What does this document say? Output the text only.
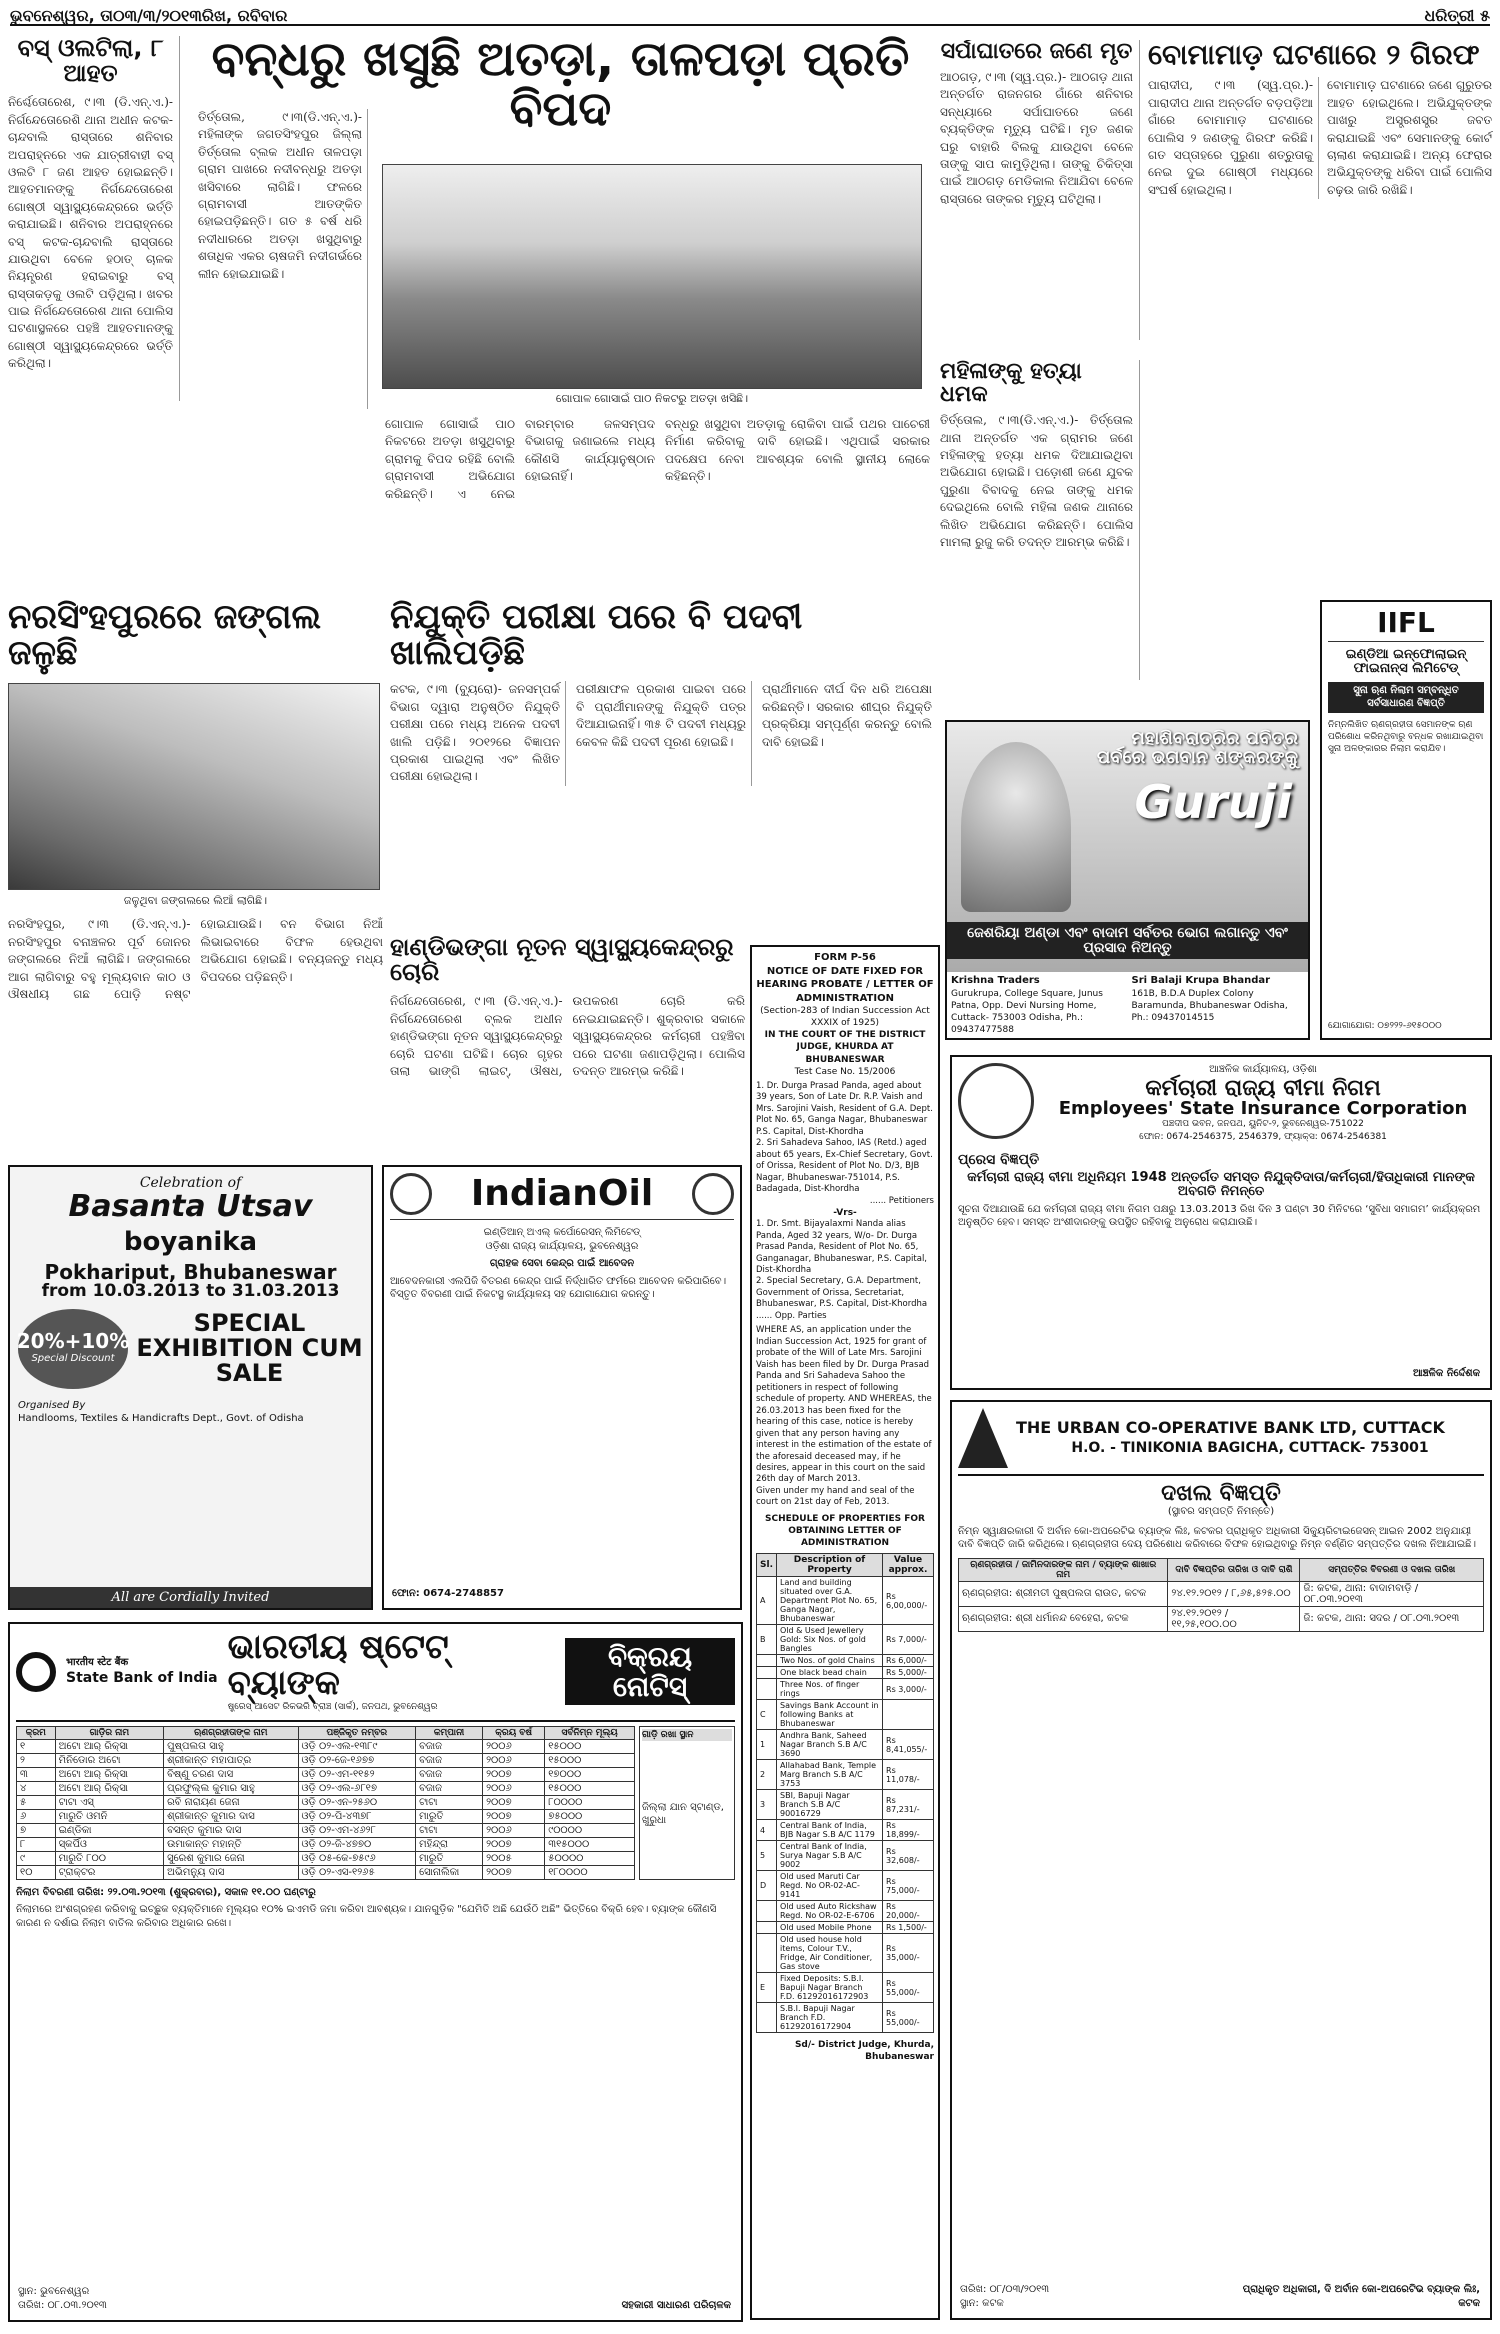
ଭୁବନେଶ୍ୱର, ତା୦୩/୩/୨୦୧୩ରିଖ, ରବିବାର	ଧରିତ୍ରୀ ୫
ବସ୍ ଓଲଟିଲା, ୮ ଆହତ
ନିର୍ଶ୍ଚେତୋରେଶ, ୯।୩ (ଡି.ଏନ୍.ଏ.)- ନିର୍ଗନ୍ଦେତୋରେଶି ଥାନା ଅଧୀନ କଟକ-ଚାନ୍ଦବାଲି ରାସ୍ତାରେ ଶନିବାର ଅପରାହ୍ନରେ ଏକ ଯାତ୍ରୀବାହୀ ବସ୍ ଓଲଟି ୮ ଜଣ ଆହତ ହୋଇଛନ୍ତି। ଆହତମାନଙ୍କୁ ନିର୍ଗନ୍ଦେତୋରେଶ ଗୋଷ୍ଠୀ ସ୍ୱାସ୍ଥ୍ୟକେନ୍ଦ୍ରରେ ଭର୍ତ୍ତି କରାଯାଇଛି। ଶନିବାର ଅପରାହ୍ନରେ ବସ୍ କଟକ-ଚାନ୍ଦବାଲି ରାସ୍ତାରେ ଯାଉଥିବା ବେଳେ ହଠାତ୍ ଚାଳକ ନିୟନ୍ତ୍ରଣ ହରାଇବାରୁ ବସ୍ ରାସ୍ତାକଡ଼କୁ ଓଲଟି ପଡ଼ିଥିଲା। ଖବର ପାଇ ନିର୍ଗନ୍ଦେତୋରେଶ ଥାନା ପୋଲିସ ଘଟଣାସ୍ଥଳରେ ପହଞ୍ଚି ଆହତମାନଙ୍କୁ ଗୋଷ୍ଠୀ ସ୍ୱାସ୍ଥ୍ୟକେନ୍ଦ୍ରରେ ଭର୍ତ୍ତି କରିଥିଲା।
ବନ୍ଧରୁ ଖସୁଛି ଅତଡ଼ା, ତାଳପଡ଼ା ପ୍ରତି ବିପଦ
ତିର୍ତ୍ତୋଲ, ୯।୩(ଡି.ଏନ୍.ଏ.)- ମହିଳାଙ୍କ ଜଗତସିଂହପୁର ଜିଲ୍ଲା ତିର୍ତ୍ତୋଲ ବ୍ଲକ ଅଧୀନ ତାଳପଡ଼ା ଗ୍ରାମ ପାଖରେ ନଦୀବନ୍ଧରୁ ଅତଡ଼ା ଖସିବାରେ ଲାଗିଛି। ଫଳରେ ଗ୍ରାମବାସୀ ଆତଙ୍କିତ ହୋଇପଡ଼ିଛନ୍ତି। ଗତ ୫ ବର୍ଷ ଧରି ନଦୀଧାରରେ ଅତଡ଼ା ଖସୁଥିବାରୁ ଶତାଧିକ ଏକର ଚାଷଜମି ନଦୀଗର୍ଭରେ ଲୀନ ହୋଇଯାଇଛି।
ଗୋପାଳ ଗୋସାଇଁ ପାଠ ନିକଟରୁ ଅତଡ଼ା ଖସିଛି।
ଗୋପାଳ ଗୋସାଇଁ ପାଠ ନିକଟରେ ଅତଡ଼ା ଖସୁଥିବାରୁ ଗ୍ରାମକୁ ବିପଦ ରହିଛି ବୋଲି ଗ୍ରାମବାସୀ ଅଭିଯୋଗ କରିଛନ୍ତି। ଏ ନେଇ ବାରମ୍ବାର ଜଳସମ୍ପଦ ବିଭାଗକୁ ଜଣାଇଲେ ମଧ୍ୟ କୌଣସି କାର୍ଯ୍ୟାନୁଷ୍ଠାନ ହୋଇନାହିଁ।
ବନ୍ଧରୁ ଖସୁଥିବା ଅତଡ଼ାକୁ ରୋକିବା ପାଇଁ ପଥର ପାଚେରୀ ନିର୍ମାଣ କରିବାକୁ ଦାବି ହୋଇଛି। ଏଥିପାଇଁ ସରକାର ପଦକ୍ଷେପ ନେବା ଆବଶ୍ୟକ ବୋଲି ସ୍ଥାନୀୟ ଲୋକେ କହିଛନ୍ତି।
ସର୍ପାଘାତରେ ଜଣେ ମୃତ
ଆଠଗଡ଼, ୯।୩ (ସ୍ୱ.ପ୍ର.)- ଆଠଗଡ଼ ଥାନା ଅନ୍ତର୍ଗତ ରାଜନଗର ଗାଁରେ ଶନିବାର ସନ୍ଧ୍ୟାରେ ସର୍ପାଘାତରେ ଜଣେ ବ୍ୟକ୍ତିଙ୍କ ମୃତ୍ୟୁ ଘଟିଛି। ମୃତ ଜଣକ ଘରୁ ବାହାରି ବିଲକୁ ଯାଉଥିବା ବେଳେ ତାଙ୍କୁ ସାପ କାମୁଡ଼ିଥିଲା। ତାଙ୍କୁ ଚିକିତ୍ସା ପାଇଁ ଆଠଗଡ଼ ମେଡିକାଲ ନିଆଯିବା ବେଳେ ରାସ୍ତାରେ ତାଙ୍କର ମୃତ୍ୟୁ ଘଟିଥିଲା।
ମହିଳାଙ୍କୁ ହତ୍ୟା ଧମକ
ତିର୍ତ୍ତୋଲ, ୯।୩(ଡି.ଏନ୍.ଏ.)- ତିର୍ତ୍ତୋଲ ଥାନା ଅନ୍ତର୍ଗତ ଏକ ଗ୍ରାମର ଜଣେ ମହିଳାଙ୍କୁ ହତ୍ୟା ଧମକ ଦିଆଯାଇଥିବା ଅଭିଯୋଗ ହୋଇଛି। ପଡ଼ୋଶୀ ଜଣେ ଯୁବକ ପୁରୁଣା ବିବାଦକୁ ନେଇ ତାଙ୍କୁ ଧମକ ଦେଇଥିଲେ ବୋଲି ମହିଳା ଜଣକ ଥାନାରେ ଲିଖିତ ଅଭିଯୋଗ କରିଛନ୍ତି। ପୋଲିସ ମାମଲା ରୁଜୁ କରି ତଦନ୍ତ ଆରମ୍ଭ କରିଛି।
ବୋମାମାଡ଼ ଘଟଣାରେ ୨ ଗିରଫ
ପାରାଦୀପ, ୯।୩ (ସ୍ୱ.ପ୍ର.)- ପାରାଦୀପ ଥାନା ଅନ୍ତର୍ଗତ ବଡ଼ପଡ଼ିଆ ଗାଁରେ ବୋମାମାଡ଼ ଘଟଣାରେ ପୋଲିସ ୨ ଜଣଙ୍କୁ ଗିରଫ କରିଛି। ଗତ ସପ୍ତାହରେ ପୁରୁଣା ଶତ୍ରୁତାକୁ ନେଇ ଦୁଇ ଗୋଷ୍ଠୀ ମଧ୍ୟରେ ସଂଘର୍ଷ ହୋଇଥିଲା।
ବୋମାମାଡ଼ ଘଟଣାରେ ଜଣେ ଗୁରୁତର ଆହତ ହୋଇଥିଲେ। ଅଭିଯୁକ୍ତଙ୍କ ପାଖରୁ ଅସ୍ତ୍ରଶସ୍ତ୍ର ଜବତ କରାଯାଇଛି ଏବଂ ସେମାନଙ୍କୁ କୋର୍ଟ ଚାଲାଣ କରାଯାଇଛି। ଅନ୍ୟ ଫେରାର ଅଭିଯୁକ୍ତଙ୍କୁ ଧରିବା ପାଇଁ ପୋଲିସ ଚଢ଼ଉ ଜାରି ରଖିଛି।
ନରସିଂହପୁରରେ ଜଙ୍ଗଲ ଜଳୁଛି
ଜଳୁଥିବା ଜଙ୍ଗଲରେ ଲିଆଁ ଲାଗିଛି।
ନରସିଂହପୁର, ୯।୩ (ଡି.ଏନ୍.ଏ.)- ନରସିଂହପୁର ବନାଞ୍ଚଳର ପୂର୍ବ ଜୋନର ଜଙ୍ଗଲରେ ନିଆଁ ଲାଗିଛି। ଜଙ୍ଗଲରେ ଆଗ ଲାଗିବାରୁ ବହୁ ମୂଲ୍ୟବାନ କାଠ ଓ ଔଷଧୀୟ ଗଛ ପୋଡ଼ି ନଷ୍ଟ ହୋଇଯାଉଛି। ବନ ବିଭାଗ ନିଆଁ ଲିଭାଇବାରେ ବିଫଳ ହେଉଥିବା ଅଭିଯୋଗ ହୋଇଛି। ବନ୍ୟଜନ୍ତୁ ମଧ୍ୟ ବିପଦରେ ପଡ଼ିଛନ୍ତି।
ନିଯୁକ୍ତି ପରୀକ୍ଷା ପରେ ବି ପଦବୀ ଖାଲିପଡ଼ିଛି
କଟକ, ୯।୩ (ବ୍ୟୁରୋ)- ଜନସମ୍ପର୍କ ବିଭାଗ ଦ୍ୱାରା ଅନୁଷ୍ଠିତ ନିଯୁକ୍ତି ପରୀକ୍ଷା ପରେ ମଧ୍ୟ ଅନେକ ପଦବୀ ଖାଲି ପଡ଼ିଛି। ୨୦୧୨ରେ ବିଜ୍ଞାପନ ପ୍ରକାଶ ପାଇଥିଲା ଏବଂ ଲିଖିତ ପରୀକ୍ଷା ହୋଇଥିଲା।
ପରୀକ୍ଷାଫଳ ପ୍ରକାଶ ପାଇବା ପରେ ବି ପ୍ରାର୍ଥୀମାନଙ୍କୁ ନିଯୁକ୍ତି ପତ୍ର ଦିଆଯାଇନାହିଁ। ୩୫ ଟି ପଦବୀ ମଧ୍ୟରୁ କେବଳ କିଛି ପଦବୀ ପୂରଣ ହୋଇଛି।
ପ୍ରାର୍ଥୀମାନେ ଦୀର୍ଘ ଦିନ ଧରି ଅପେକ୍ଷା କରିଛନ୍ତି। ସରକାର ଶୀଘ୍ର ନିଯୁକ୍ତି ପ୍ରକ୍ରିୟା ସମ୍ପୂର୍ଣ୍ଣ କରନ୍ତୁ ବୋଲି ଦାବି ହୋଇଛି।
ହାଣ୍ଡିଭଙ୍ଗା ନୂତନ ସ୍ୱାସ୍ଥ୍ୟକେନ୍ଦ୍ରରୁ ଚୋରି
ନିର୍ଗନ୍ଦେତୋରେଶ, ୯।୩ (ଡି.ଏନ୍.ଏ.)- ନିର୍ଗନ୍ଦେତୋରେଶ ବ୍ଲକ ଅଧୀନ ହାଣ୍ଡିଭଙ୍ଗା ନୂତନ ସ୍ୱାସ୍ଥ୍ୟକେନ୍ଦ୍ରରୁ ଚୋରି ଘଟଣା ଘଟିଛି। ଚୋର ଗୃହର ତାଲା ଭାଙ୍ଗି ଲାଇଟ୍, ଔଷଧ, ଉପକରଣ ଚୋରି କରି ନେଇଯାଇଛନ୍ତି। ଶୁକ୍ରବାର ସକାଳେ ସ୍ୱାସ୍ଥ୍ୟକେନ୍ଦ୍ରର କର୍ମଚାରୀ ପହଞ୍ଚିବା ପରେ ଘଟଣା ଜଣାପଡ଼ିଥିଲା। ପୋଲିସ ତଦନ୍ତ ଆରମ୍ଭ କରିଛି।
ମହାଶିବରାତ୍ରିର ପବିତ୍ର ପର୍ବରେ ଭଗବାନ ଶଙ୍କରଙ୍କୁ
Guruji
ଜେଶରିୟା ଅଣ୍ଡା ଏବଂ ବାଦାମ ସର୍ବତର ଭୋଗ ଲଗାନ୍ତୁ ଏବଂ ପ୍ରସାଦ ନିଅନ୍ତୁ
Krishna Traders
Gurukrupa, College Square, Junus Patna, Opp. Devi Nursing Home, Cuttack- 753003 Odisha, Ph.: 09437477588
Sri Balaji Krupa Bhandar
161B, B.D.A Duplex Colony Baramunda, Bhubaneswar Odisha, Ph.: 09437014515
IIFL
ଇଣ୍ଡିଆ ଇନ୍ଫୋଲାଇନ୍ ଫାଇନାନ୍ସ ଲିମିଟେଡ୍
ସୁନା ଋଣ ନିଲାମ ସମ୍ବନ୍ଧିତ ସର୍ବସାଧାରଣ ବିଜ୍ଞପ୍ତି
ନିମ୍ନଲିଖିତ ଋଣଗ୍ରହୀତା ସେମାନଙ୍କ ଋଣ ପରିଶୋଧ କରିନଥିବାରୁ ବନ୍ଧକ ରଖାଯାଇଥିବା ସୁନା ଅଳଙ୍କାରର ନିଲାମ କରାଯିବ।
ଯୋଗାଯୋଗ: ୦୭୨୨୨-୬୧୫୦୦୦
ଆଞ୍ଚଳିକ କାର୍ଯ୍ୟାଳୟ, ଓଡ଼ିଶା
କର୍ମଚାରୀ ରାଜ୍ୟ ବୀମା ନିଗମ
Employees' State Insurance Corporation
ପଞ୍ଚଦୀପ ଭବନ, ଜନପଥ, ୟୁନିଟ-୨, ଭୁବନେଶ୍ୱର-751022
ଫୋନ: 0674-2546375, 2546379, ଫ୍ୟାକ୍ସ: 0674-2546381
ପ୍ରେସ ବିଜ୍ଞପ୍ତି
କର୍ମଚାରୀ ରାଜ୍ୟ ବୀମା ଅଧିନିୟମ 1948 ଅନ୍ତର୍ଗତ ସମସ୍ତ ନିଯୁକ୍ତିଦାତା/କର୍ମଚାରୀ/ହିତାଧିକାରୀ ମାନଙ୍କ ଅବଗତି ନିମନ୍ତେ
ସୂଚନା ଦିଆଯାଉଛି ଯେ କର୍ମଚାରୀ ରାଜ୍ୟ ବୀମା ନିଗମ ପକ୍ଷରୁ 13.03.2013 ରିଖ ଦିନ 3 ଘଣ୍ଟା 30 ମିନିଟରେ ‘ସୁବିଧା ସମାଗମ’ କାର୍ଯ୍ୟକ୍ରମ ଅନୁଷ୍ଠିତ ହେବ। ସମସ୍ତ ଅଂଶୀଦାରଙ୍କୁ ଉପସ୍ଥିତ ରହିବାକୁ ଅନୁରୋଧ କରାଯାଉଛି।
ଆଞ୍ଚଳିକ ନିର୍ଦ୍ଦେଶକ
Celebration of
Basanta Utsav
boyanika
Pokhariput, Bhubaneswar
from 10.03.2013 to 31.03.2013
20%+10%
Special Discount
SPECIAL EXHIBITION CUM SALE
Organised By
Handlooms, Textiles & Handicrafts Dept., Govt. of Odisha
All are Cordially Invited
IndianOil
ଇଣ୍ଡିଆନ୍ ଅଏଲ୍ କର୍ପୋରେସନ୍ ଲିମିଟେଡ୍
ଓଡ଼ିଶା ରାଜ୍ୟ କାର୍ଯ୍ୟାଳୟ, ଭୁବନେଶ୍ୱର
ଗ୍ରାହକ ସେବା କେନ୍ଦ୍ର ପାଇଁ ଆବେଦନ
ଆବେଦନକାରୀ ଏଲପିଜି ବିତରଣ କେନ୍ଦ୍ର ପାଇଁ ନିର୍ଦ୍ଧାରିତ ଫର୍ମରେ ଆବେଦନ କରିପାରିବେ। ବିସ୍ତୃତ ବିବରଣୀ ପାଇଁ ନିକଟସ୍ଥ କାର୍ଯ୍ୟାଳୟ ସହ ଯୋଗାଯୋଗ କରନ୍ତୁ।
ଫୋନ: 0674-2748857
FORM P-56
NOTICE OF DATE FIXED FOR HEARING PROBATE / LETTER OF ADMINISTRATION
(Section-283 of Indian Succession Act XXXIX of 1925)
IN THE COURT OF THE DISTRICT JUDGE, KHURDA AT BHUBANESWAR
Test Case No. 15/2006
1. Dr. Durga Prasad Panda, aged about 39 years, Son of Late Dr. R.P. Vaish and Mrs. Sarojini Vaish, Resident of G.A. Dept. Plot No. 65, Ganga Nagar, Bhubaneswar P.S. Capital, Dist-Khordha
2. Sri Sahadeva Sahoo, IAS (Retd.) aged about 65 years, Ex-Chief Secretary, Govt. of Orissa, Resident of Plot No. D/3, BJB Nagar, Bhubaneswar-751014, P.S. Badagada, Dist-Khordha
...... Petitioners
-Vrs-
1. Dr. Smt. Bijayalaxmi Nanda alias Panda, Aged 32 years, W/o- Dr. Durga Prasad Panda, Resident of Plot No. 65, Ganganagar, Bhubaneswar, P.S. Capital, Dist-Khordha
2. Special Secretary, G.A. Department, Government of Orissa, Secretariat, Bhubaneswar, P.S. Capital, Dist-Khordha ...... Opp. Parties
WHERE AS, an application under the Indian Succession Act, 1925 for grant of probate of the Will of Late Mrs. Sarojini Vaish has been filed by Dr. Durga Prasad Panda and Sri Sahadeva Sahoo the petitioners in respect of following schedule of property. AND WHEREAS, the 26.03.2013 has been fixed for the hearing of this case, notice is hereby given that any person having any interest in the estimation of the estate of the aforesaid deceased may, if he desires, appear in this court on the said 26th day of March 2013.
Given under my hand and seal of the court on 21st day of Feb, 2013.
SCHEDULE OF PROPERTIES FOR OBTAINING LETTER OF ADMINISTRATION
Sl.	Description of Property	Value approx.
A	Land and building situated over G.A. Department Plot No. 65, Ganga Nagar, Bhubaneswar	Rs 6,00,000/-
B	Old & Used Jewellery Gold: Six Nos. of gold Bangles	Rs 7,000/-
	Two Nos. of gold Chains	Rs 6,000/-
	One black bead chain	Rs 5,000/-
	Three Nos. of finger rings	Rs 3,000/-
C	Savings Bank Account in following Banks at Bhubaneswar	
1	Andhra Bank, Saheed Nagar Branch S.B A/C 3690	Rs 8,41,055/-
2	Allahabad Bank, Temple Marg Branch S.B A/C 3753	Rs 11,078/-
3	SBI, Bapuji Nagar Branch S.B A/C 90016729	Rs 87,231/-
4	Central Bank of India, BJB Nagar S.B A/C 1179	Rs 18,899/-
5	Central Bank of India, Surya Nagar S.B A/C 9002	Rs 32,608/-
D	Old used Maruti Car Regd. No OR-02-AC-9141	Rs 75,000/-
	Old used Auto Rickshaw Regd. No OR-02-E-6706	Rs 20,000/-
	Old used Mobile Phone	Rs 1,500/-
	Old used house hold items, Colour T.V., Fridge, Air Conditioner, Gas stove	Rs 35,000/-
E	Fixed Deposits: S.B.I. Bapuji Nagar Branch F.D. 61292016172903	Rs 55,000/-
	S.B.I. Bapuji Nagar Branch F.D. 61292016172904	Rs 55,000/-
Sd/- District Judge, Khurda, Bhubaneswar
भारतीय स्टेट बैंक
State Bank of India
ଭାରତୀୟ ଷ୍ଟେଟ୍ ବ୍ୟାଙ୍କ
ଷ୍ଟ୍ରେସ୍ ଆସେଟ ରିକଭରି ବ୍ରାଞ୍ଚ (ସାର୍କ), ଜନପଥ, ଭୁବନେଶ୍ୱର
ବିକ୍ରୟ ନୋଟିସ୍
କ୍ରମ	ଗାଡ଼ିର ନାମ	ଋଣଗ୍ରହୀତାଙ୍କ ନାମ	ପଞ୍ଜିକୃତ ନମ୍ବର	କମ୍ପାନୀ	କ୍ରୟ ବର୍ଷ	ସର୍ବନିମ୍ନ ମୂଲ୍ୟ
୧	ଅଟୋ ଆର୍ ରିକ୍ସା	ପୁଷ୍ପଲତା ସାହୁ	ଓଡ଼ି ୦୨-ଏଲ-୧୩୮୯	ବଜାଜ	୨୦୦୬	୧୫୦୦୦
୨	ମିନିଡୋର ଅଟୋ	ଶ୍ରୀକାନ୍ତ ମହାପାତ୍ର	ଓଡ଼ି ୦୨-ଜେ-୧୬୭୭	ବଜାଜ	୨୦୦୬	୧୫୦୦୦
୩	ଅଟୋ ଆର୍ ରିକ୍ସା	ବିଷ୍ଣୁ ଚରଣ ଦାସ	ଓଡ଼ି ୦୨-ଏମ-୧୧୫୨	ବଜାଜ	୨୦୦୭	୧୭୦୦୦
୪	ଅଟୋ ଆର୍ ରିକ୍ସା	ପ୍ରଫୁଲ୍ଲ କୁମାର ସାହୁ	ଓଡ଼ି ୦୨-ଏଲ-୬୮୧୭	ବଜାଜ	୨୦୦୬	୧୫୦୦୦
୫	ଟାଟା ଏସ୍	ରବି ନାରାୟଣ ଜେନା	ଓଡ଼ି ୦୨-ଏନ-୨୫୬୦	ଟାଟା	୨୦୦୭	୮୦୦୦୦
୬	ମାରୁତି ଓମନି	ଶ୍ରୀକାନ୍ତ କୁମାର ଦାସ	ଓଡ଼ି ୦୨-ପି-୪୩୭୮	ମାରୁତି	୨୦୦୭	୭୫୦୦୦
୭	ଇଣ୍ଡିକା	ବସନ୍ତ କୁମାର ଦାସ	ଓଡ଼ି ୦୨-ଏମ-୪୬୨୮	ଟାଟା	୨୦୦୬	୯୦୦୦୦
୮	ସ୍କର୍ପିଓ	ଉମାକାନ୍ତ ମହାନ୍ତି	ଓଡ଼ି ୦୨-ଜି-୪୭୭୦	ମହିନ୍ଦ୍ରା	୨୦୦୭	୩୧୫୦୦୦
୯	ମାରୁତି ୮୦୦	ସୁରେଶ କୁମାର ଜେନା	ଓଡ଼ି ୦୫-କେ-୭୫୯୬	ମାରୁତି	୨୦୦୫	୫୦୦୦୦
୧୦	ଟ୍ରାକ୍ଟର	ଅଭିମନ୍ୟୁ ଦାସ	ଓଡ଼ି ୦୨-ଏସ-୧୨୬୫	ସୋନାଲିକା	୨୦୦୭	୧୮୦୦୦୦
ଗାଡ଼ି ରଖା ସ୍ଥାନ
ଜିଲ୍ଲା ଯାନ ସ୍ଟାଣ୍ଡ, ଖୁରୁଧା
ନିଲାମ ବିବରଣୀ ତାରିଖ: ୨୨.୦୩.୨୦୧୩ (ଶୁକ୍ରବାର), ସକାଳ ୧୧.୦୦ ଘଣ୍ଟାରୁ
ନିଲାମରେ ଅଂଶଗ୍ରହଣ କରିବାକୁ ଇଚ୍ଛୁକ ବ୍ୟକ୍ତିମାନେ ମୂଲ୍ୟର ୧୦% ଇଏମଡି ଜମା କରିବା ଆବଶ୍ୟକ। ଯାନଗୁଡ଼ିକ "ଯେମିତି ଅଛି ଯେଉଁଠି ଅଛି" ଭିତ୍ତିରେ ବିକ୍ରି ହେବ। ବ୍ୟାଙ୍କ କୌଣସି କାରଣ ନ ଦର୍ଶାଇ ନିଲାମ ବାତିଲ କରିବାର ଅଧିକାର ରଖେ।
ସ୍ଥାନ: ଭୁବନେଶ୍ୱର
ତାରିଖ: ୦୮.୦୩.୨୦୧୩	ସହକାରୀ ସାଧାରଣ ପରିଚାଳକ
THE URBAN CO-OPERATIVE BANK LTD, CUTTACK
H.O. - TINIKONIA BAGICHA, CUTTACK- 753001
ଦଖଲ ବିଜ୍ଞପ୍ତି
(ସ୍ଥାବର ସମ୍ପତ୍ତି ନିମନ୍ତେ)
ନିମ୍ନ ସ୍ୱାକ୍ଷରକାରୀ ଦି ଅର୍ବାନ କୋ-ଅପରେଟିଭ ବ୍ୟାଙ୍କ ଲିଃ, କଟକର ପ୍ରାଧିକୃତ ଅଧିକାରୀ ସିକ୍ୟୁରିଟାଇଜେସନ୍ ଆଇନ 2002 ଅନୁଯାୟୀ ଦାବି ବିଜ୍ଞପ୍ତି ଜାରି କରିଥିଲେ। ଋଣଗ୍ରହୀତା ଦେୟ ପରିଶୋଧ କରିବାରେ ବିଫଳ ହୋଇଥିବାରୁ ନିମ୍ନ ବର୍ଣ୍ଣିତ ସମ୍ପତ୍ତିର ଦଖଲ ନିଆଯାଇଛି।
ଋଣଗ୍ରହୀତା / ଜାମିନଦାରଙ୍କ ନାମ / ବ୍ୟାଙ୍କ ଶାଖାର ନାମ	ଦାବି ବିଜ୍ଞପ୍ତିର ତାରିଖ ଓ ଦାବି ରାଶି	ସମ୍ପତ୍ତିର ବିବରଣୀ ଓ ଦଖଲ ତାରିଖ
ଋଣଗ୍ରହୀତା: ଶ୍ରୀମତୀ ପୁଷ୍ପଲତା ରାଉତ, କଟକ	୨୪.୧୨.୨୦୧୨ / ୮,୬୫,୫୨୫.୦୦	ଜି: କଟକ, ଥାନା: ବାଦାମବାଡ଼ି / ୦୮.୦୩.୨୦୧୩
ଋଣଗ୍ରହୀତା: ଶ୍ରୀ ଧର୍ମାନନ୍ଦ ବେହେରା, କଟକ	୨୪.୧୨.୨୦୧୨ / ୧୧,୨୫,୧୦୦.୦୦	ଜି: କଟକ, ଥାନା: ସଦର / ୦୮.୦୩.୨୦୧୩
ତାରିଖ: ୦୮/୦୩/୨୦୧୩
ସ୍ଥାନ: କଟକ
ପ୍ରାଧିକୃତ ଅଧିକାରୀ, ଦି ଅର୍ବାନ କୋ-ଅପରେଟିଭ ବ୍ୟାଙ୍କ ଲିଃ, କଟକ
